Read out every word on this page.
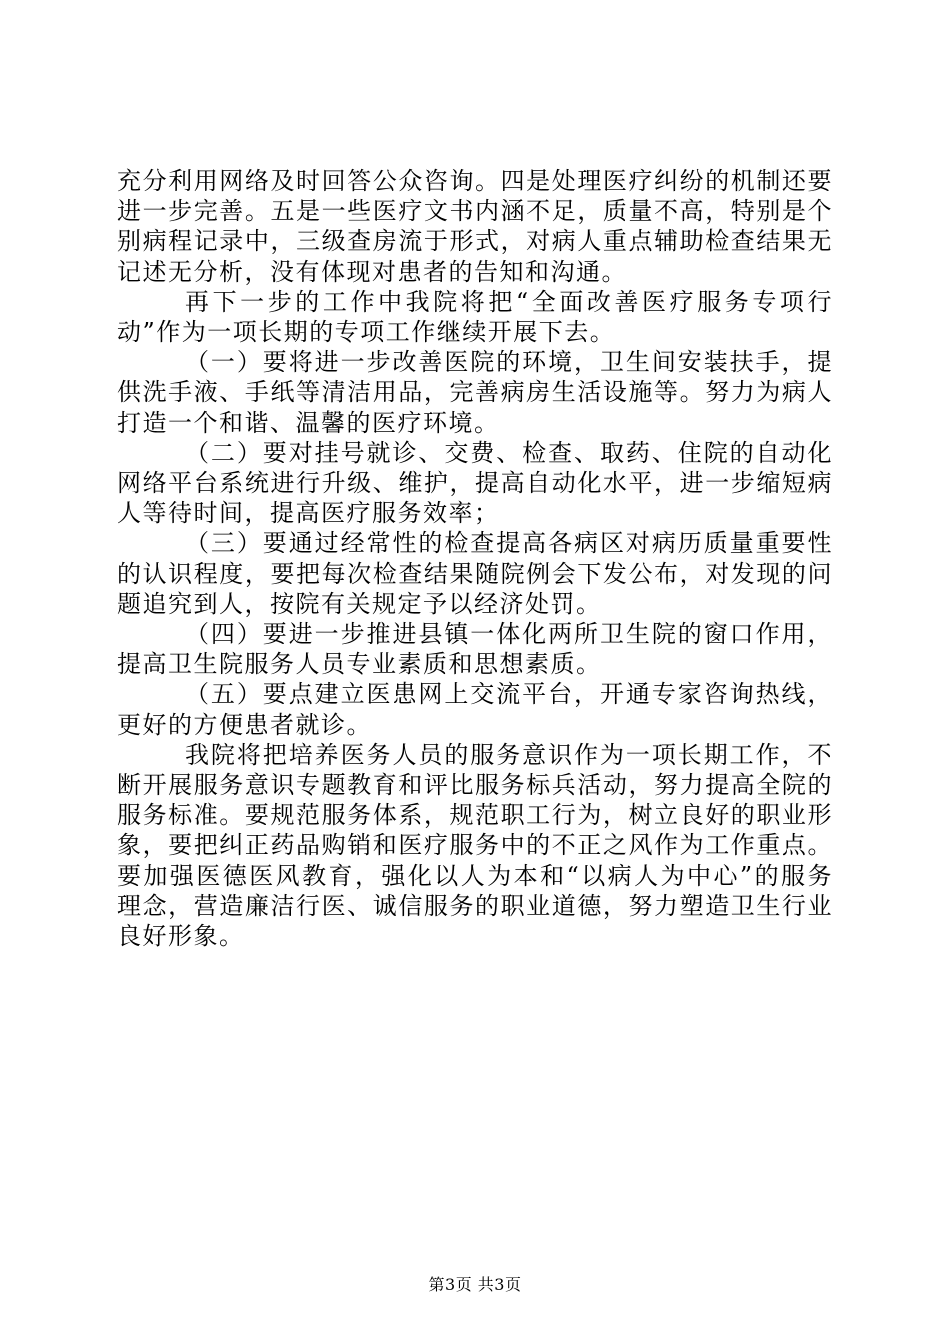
充分利用网络及时回答公众咨询。四是处理医疗纠纷的机制还要进一步完善。五是一些医疗文书内涵不足，质量不高，特别是个别病程记录中，三级查房流于形式，对病人重点辅助检查结果无记述无分析，没有体现对患者的告知和沟通。

再下一步的工作中我院将把“全面改善医疗服务专项行动”作为一项长期的专项工作继续开展下去。

（一）要将进一步改善医院的环境，卫生间安装扶手，提供洗手液、手纸等清洁用品，完善病房生活设施等。努力为病人打造一个和谐、温馨的医疗环境。

（二）要对挂号就诊、交费、检查、取药、住院的自动化网络平台系统进行升级、维护，提高自动化水平，进一步缩短病人等待时间，提高医疗服务效率；

（三）要通过经常性的检查提高各病区对病历质量重要性的认识程度，要把每次检查结果随院例会下发公布，对发现的问题追究到人，按院有关规定予以经济处罚。

（四）要进一步推进县镇一体化两所卫生院的窗口作用，提高卫生院服务人员专业素质和思想素质。

（五）要点建立医患网上交流平台，开通专家咨询热线，更好的方便患者就诊。

我院将把培养医务人员的服务意识作为一项长期工作，不断开展服务意识专题教育和评比服务标兵活动，努力提高全院的服务标准。要规范服务体系，规范职工行为，树立良好的职业形象，要把纠正药品购销和医疗服务中的不正之风作为工作重点。要加强医德医风教育，强化以人为本和“以病人为中心”的服务理念，营造廉洁行医、诚信服务的职业道德，努力塑造卫生行业良好形象。

第3页 共3页
